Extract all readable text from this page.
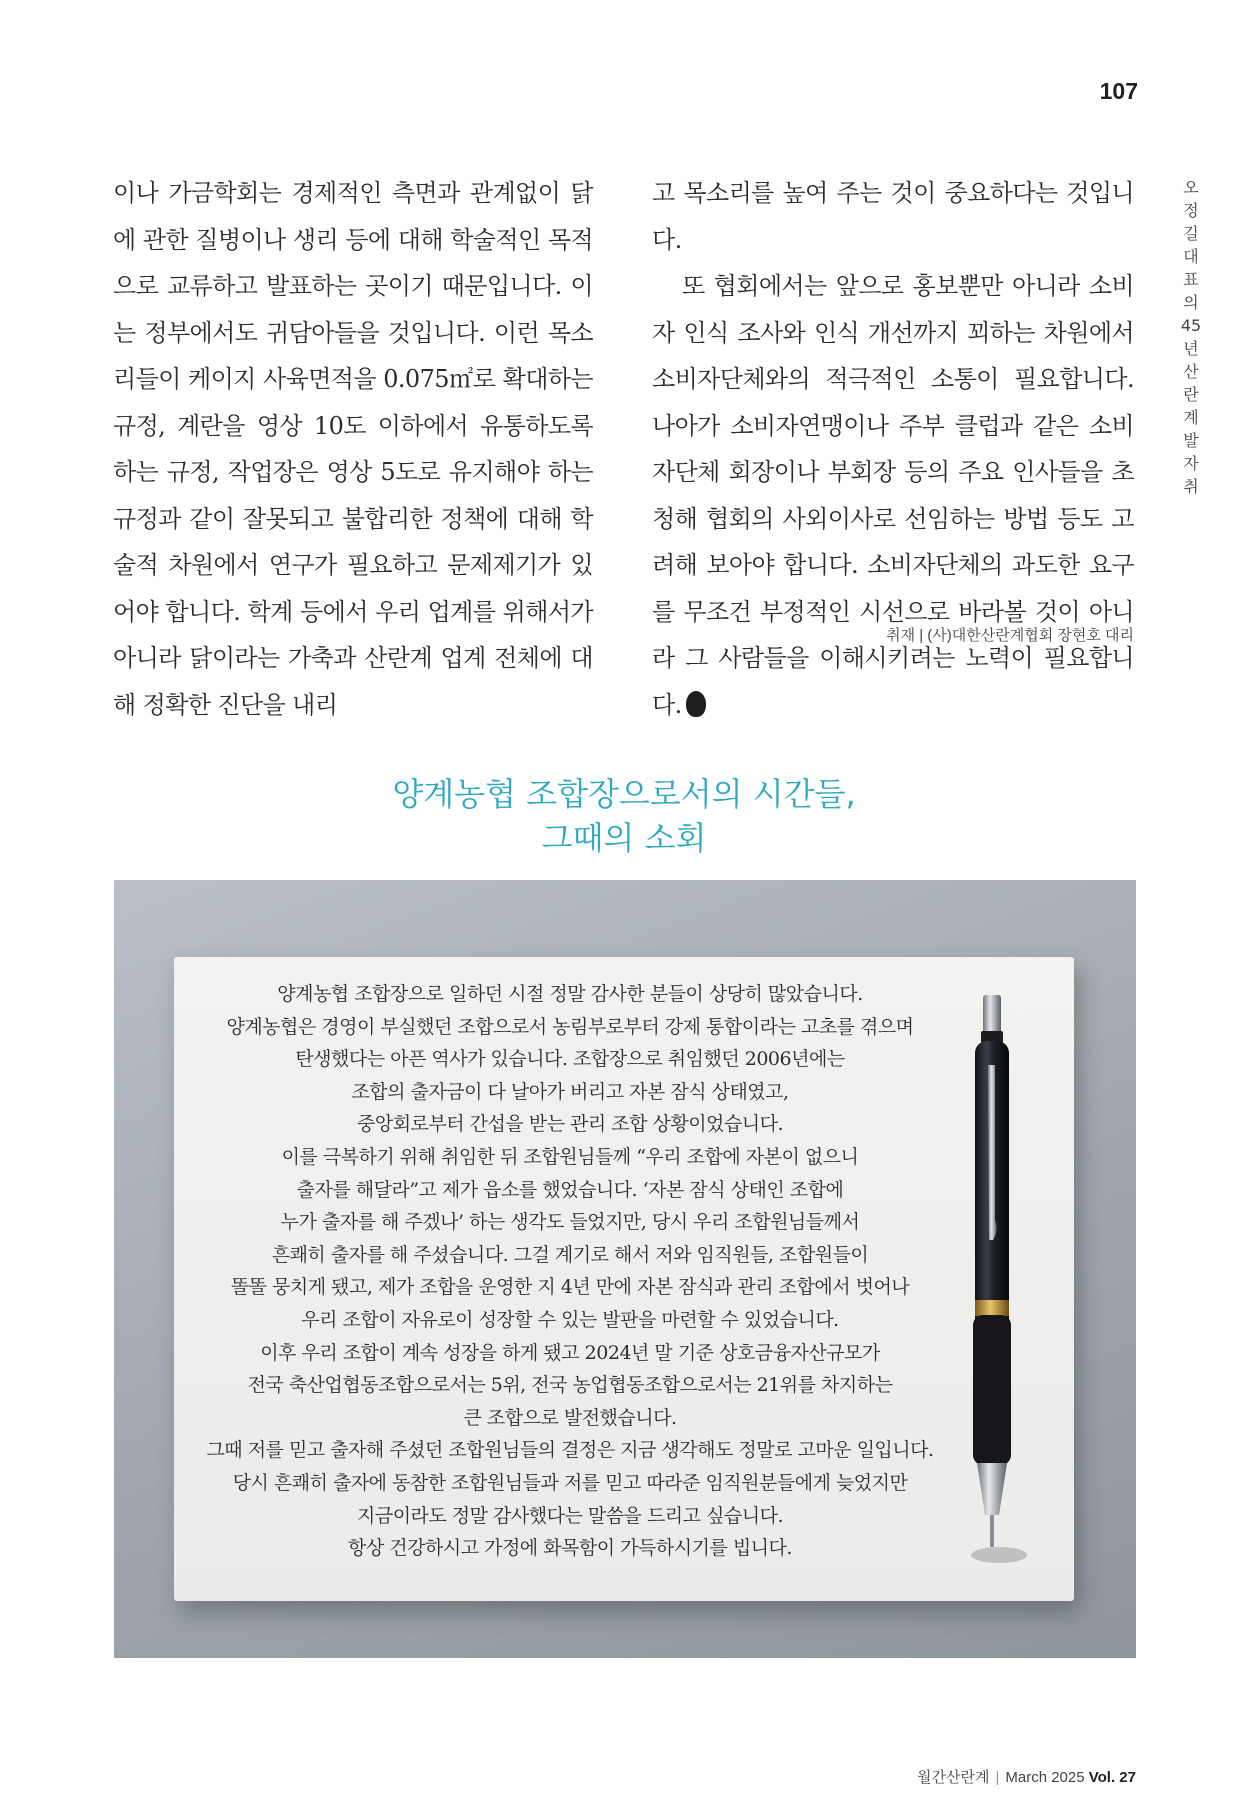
107

이나 가금학회는 경제적인 측면과 관계없이 닭에 관한 질병이나 생리 등에 대해 학술적인 목적으로 교류하고 발표하는 곳이기 때문입니다. 이는 정부에서도 귀담아들을 것입니다. 이런 목소리들이 케이지 사육면적을 0.075㎡로 확대하는 규정, 계란을 영상 10도 이하에서 유통하도록 하는 규정, 작업장은 영상 5도로 유지해야 하는 규정과 같이 잘못되고 불합리한 정책에 대해 학술적 차원에서 연구가 필요하고 문제제기가 있어야 합니다. 학계 등에서 우리 업계를 위해서가 아니라 닭이라는 가축과 산란계 업계 전체에 대해 정확한 진단을 내리

고 목소리를 높여 주는 것이 중요하다는 것입니다.

또 협회에서는 앞으로 홍보뿐만 아니라 소비자 인식 조사와 인식 개선까지 꾀하는 차원에서 소비자단체와의 적극적인 소통이 필요합니다. 나아가 소비자연맹이나 주부 클럽과 같은 소비자단체 회장이나 부회장 등의 주요 인사들을 초청해 협회의 사외이사로 선임하는 방법 등도 고려해 보아야 합니다. 소비자단체의 과도한 요구를 무조건 부정적인 시선으로 바라볼 것이 아니라 그 사람들을 이해시키려는 노력이 필요합니다.

취재 | (사)대한산란계협회 장현호 대리
오정길 대표의 45년 산란계 발자취
양계농협 조합장으로서의 시간들,
그때의 소회
양계농협 조합장으로 일하던 시절 정말 감사한 분들이 상당히 많았습니다.
양계농협은 경영이 부실했던 조합으로서 농림부로부터 강제 통합이라는 고초를 겪으며
탄생했다는 아픈 역사가 있습니다. 조합장으로 취임했던 2006년에는
조합의 출자금이 다 날아가 버리고 자본 잠식 상태였고,
중앙회로부터 간섭을 받는 관리 조합 상황이었습니다.
이를 극복하기 위해 취임한 뒤 조합원님들께 “우리 조합에 자본이 없으니
출자를 해달라”고 제가 읍소를 했었습니다. ‘자본 잠식 상태인 조합에
누가 출자를 해 주겠나’ 하는 생각도 들었지만, 당시 우리 조합원님들께서
흔쾌히 출자를 해 주셨습니다. 그걸 계기로 해서 저와 임직원들, 조합원들이
똘똘 뭉치게 됐고, 제가 조합을 운영한 지 4년 만에 자본 잠식과 관리 조합에서 벗어나
우리 조합이 자유로이 성장할 수 있는 발판을 마련할 수 있었습니다.
이후 우리 조합이 계속 성장을 하게 됐고 2024년 말 기준 상호금융자산규모가
전국 축산업협동조합으로서는 5위, 전국 농업협동조합으로서는 21위를 차지하는
큰 조합으로 발전했습니다.
그때 저를 믿고 출자해 주셨던 조합원님들의 결정은 지금 생각해도 정말로 고마운 일입니다.
당시 흔쾌히 출자에 동참한 조합원님들과 저를 믿고 따라준 임직원분들에게 늦었지만
지금이라도 정말 감사했다는 말씀을 드리고 싶습니다.
항상 건강하시고 가정에 화목함이 가득하시기를 빕니다.
월간산란계 | March 2025 Vol. 27
